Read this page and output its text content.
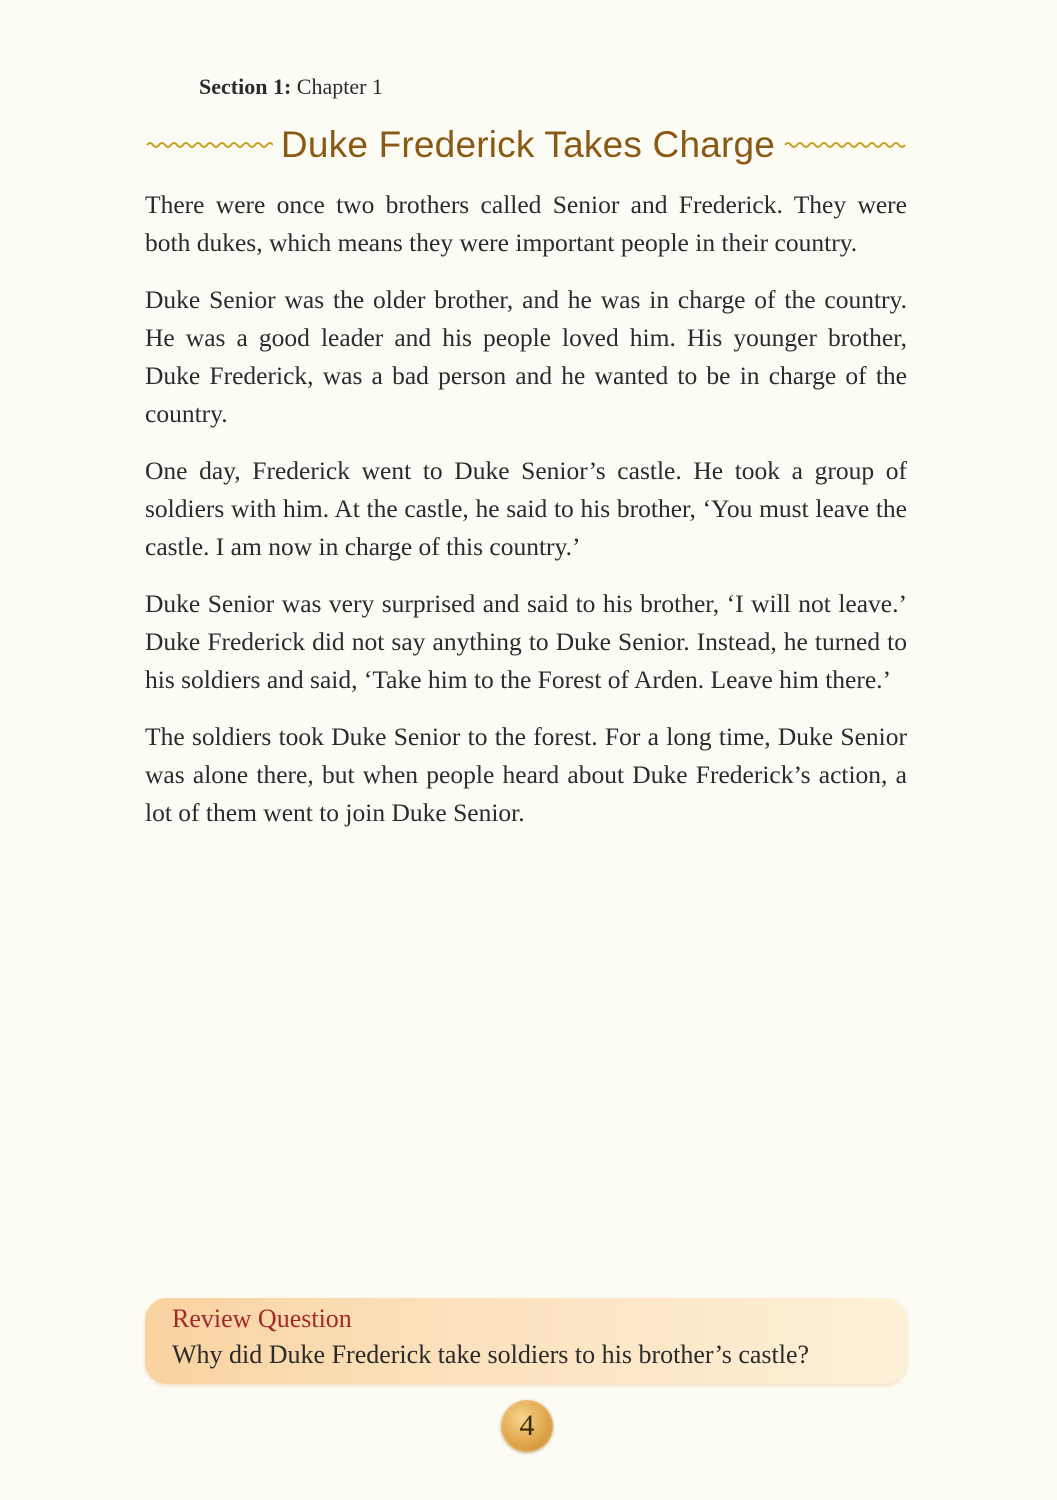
Section 1: Chapter 1
Duke Frederick Takes Charge

There were once two brothers called Senior and Frederick. They were both dukes, which means they were important people in their country.

Duke Senior was the older brother, and he was in charge of the country. He was a good leader and his people loved him. His younger brother, Duke Frederick, was a bad person and he wanted to be in charge of the country.

One day, Frederick went to Duke Senior’s castle. He took a group of soldiers with him. At the castle, he said to his brother, ‘You must leave the castle. I am now in charge of this country.’

Duke Senior was very surprised and said to his brother, ‘I will not leave.’ Duke Frederick did not say anything to Duke Senior. Instead, he turned to his soldiers and said, ‘Take him to the Forest of Arden. Leave him there.’

The soldiers took Duke Senior to the forest. For a long time, Duke Senior was alone there, but when people heard about Duke Frederick’s action, a lot of them went to join Duke Senior.

Review Question
Why did Duke Frederick take soldiers to his brother’s castle?
4
